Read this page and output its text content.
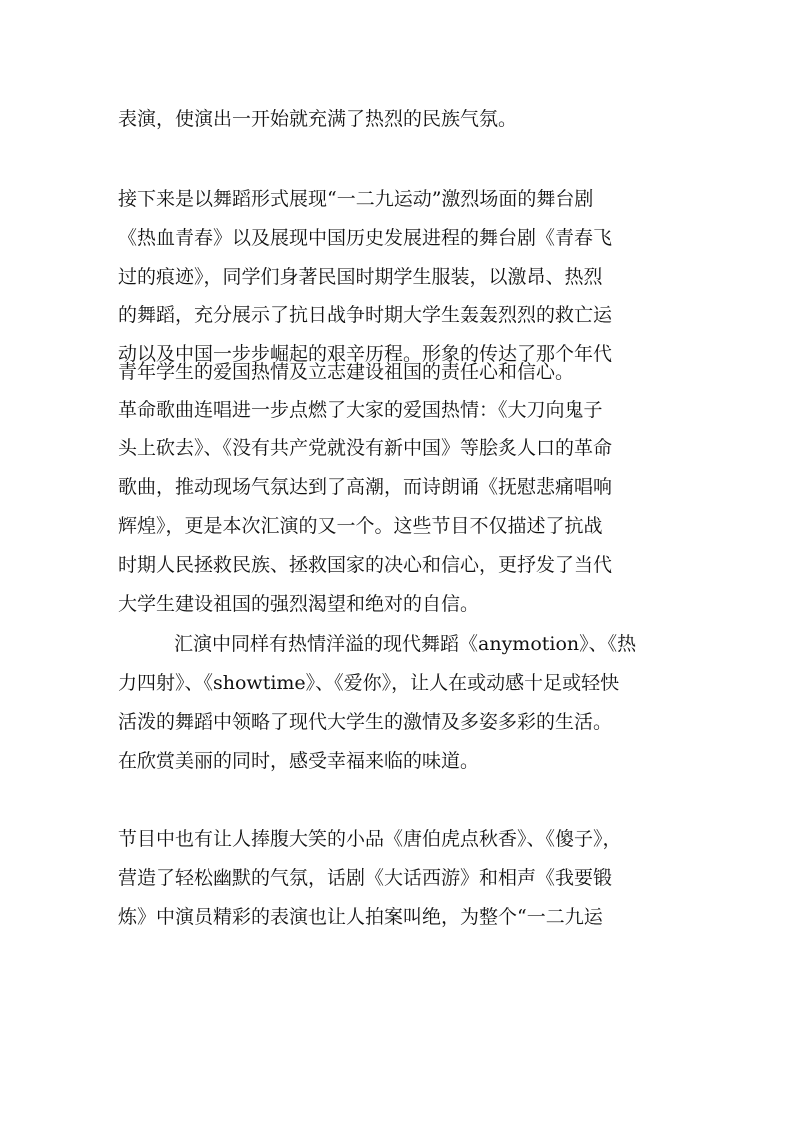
表演，使演出一开始就充满了热烈的民族气氛。
接下来是以舞蹈形式展现“一二九运动”激烈场面的舞台剧
《热血青春》以及展现中国历史发展进程的舞台剧《青春飞
过的痕迹》，同学们身著民国时期学生服装，以激昂、热烈
的舞蹈，充分展示了抗日战争时期大学生轰轰烈烈的救亡运
动以及中国一步步崛起的艰辛历程。形象的传达了那个年代
青年学生的爱国热情及立志建设祖国的责任心和信心。
革命歌曲连唱进一步点燃了大家的爱国热情：《大刀向鬼子
头上砍去》、《没有共产党就没有新中国》等脍炙人口的革命
歌曲，推动现场气氛达到了高潮，而诗朗诵《抚慰悲痛唱响
辉煌》，更是本次汇演的又一个。这些节目不仅描述了抗战
时期人民拯救民族、拯救国家的决心和信心，更抒发了当代
大学生建设祖国的强烈渴望和绝对的自信。
汇演中同样有热情洋溢的现代舞蹈《anymotion》、《热
力四射》、《showtime》、《爱你》，让人在或动感十足或轻快
活泼的舞蹈中领略了现代大学生的激情及多姿多彩的生活。
在欣赏美丽的同时，感受幸福来临的味道。
节目中也有让人捧腹大笑的小品《唐伯虎点秋香》、《傻子》，
营造了轻松幽默的气氛，话剧《大话西游》和相声《我要锻
炼》中演员精彩的表演也让人拍案叫绝，为整个“一二九运
